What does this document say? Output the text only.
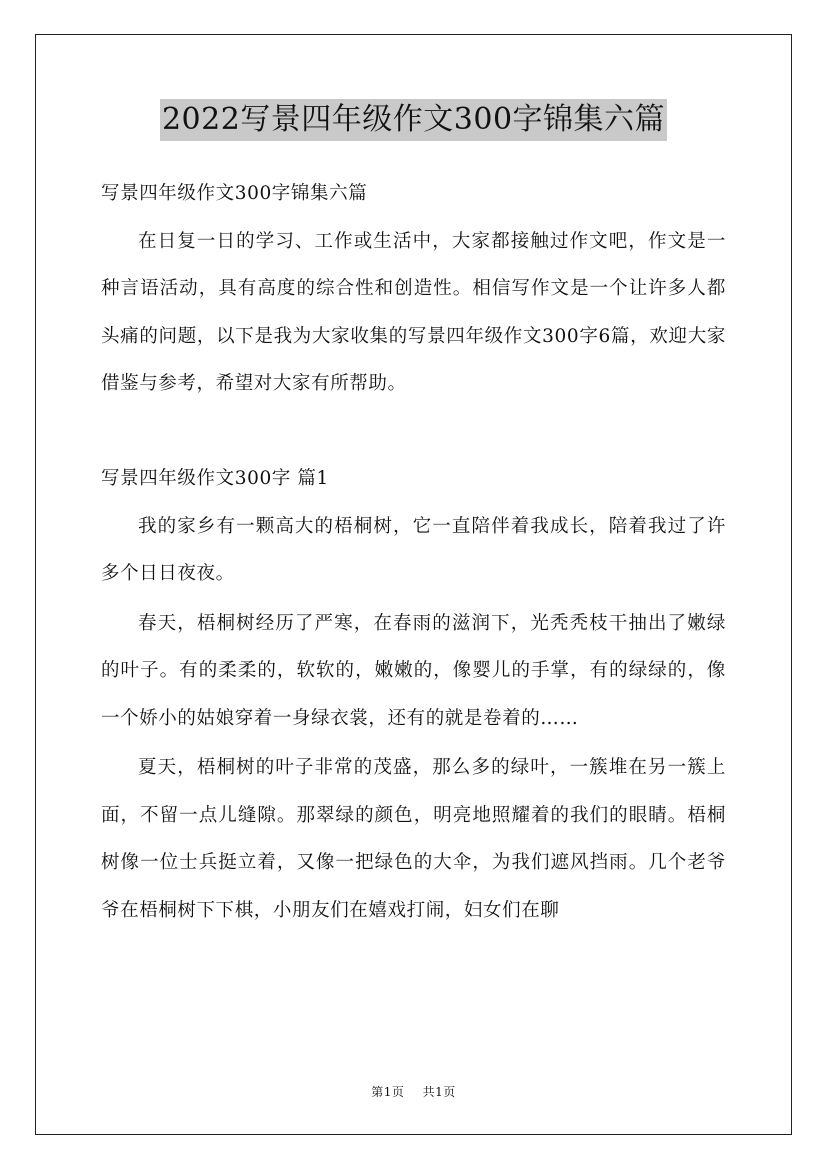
2022写景四年级作文300字锦集六篇

写景四年级作文300字锦集六篇

在日复一日的学习、工作或生活中，大家都接触过作文吧，作文是一种言语活动，具有高度的综合性和创造性。相信写作文是一个让许多人都头痛的问题，以下是我为大家收集的写景四年级作文300字6篇，欢迎大家借鉴与参考，希望对大家有所帮助。

写景四年级作文300字 篇1

我的家乡有一颗高大的梧桐树，它一直陪伴着我成长，陪着我过了许多个日日夜夜。

春天，梧桐树经历了严寒，在春雨的滋润下，光秃秃枝干抽出了嫩绿的叶子。有的柔柔的，软软的，嫩嫩的，像婴儿的手掌，有的绿绿的，像一个娇小的姑娘穿着一身绿衣裳，还有的就是卷着的……

夏天，梧桐树的叶子非常的茂盛，那么多的绿叶，一簇堆在另一簇上面，不留一点儿缝隙。那翠绿的颜色，明亮地照耀着的我们的眼睛。梧桐树像一位士兵挺立着，又像一把绿色的大伞，为我们遮风挡雨。几个老爷爷在梧桐树下下棋，小朋友们在嬉戏打闹，妇女们在聊

第1页 共1页
